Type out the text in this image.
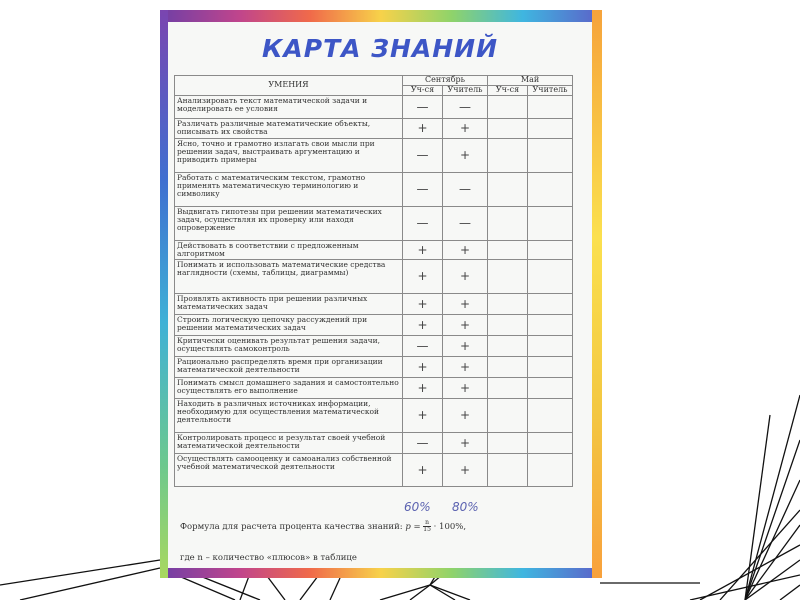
КАРТА ЗНАНИЙ
УМЕНИЯ	Сентябрь		Май	
	Уч-ся	Учитель	Уч-ся	Учитель
Анализировать текст математической задачи и моделировать ее условия	—	—		
Различать различные математические объекты, описывать их свойства	+	+		
Ясно, точно и грамотно излагать свои мысли при решении задач, выстраивать аргументацию и приводить примеры	—	+		
Работать с математическим текстом, грамотно применять математическую терминологию и символику	—	—		
Выдвигать гипотезы при решении математических задач, осуществляя их проверку или находя опровержение	—	—		
Действовать в соответствии с предложенным алгоритмом	+	+		
Понимать и использовать математические средства наглядности (схемы, таблицы, диаграммы)	+	+		
Проявлять активность при решении различных математических задач	+	+		
Строить логическую цепочку рассуждений при решении математических задач	+	+		
Критически оценивать результат решения задачи, осуществлять самоконтроль	—	+		
Рационально распределять время при организации математической деятельности	+	+		
Понимать смысл домашнего задания и самостоятельно осуществлять его выполнение	+	+		
Находить в различных источниках информации, необходимую для осуществления математической деятельности	+	+		
Контролировать процесс и результат своей учебной математической деятельности	—	+		
Осуществлять самооценку и самоанализ собственной учебной математической деятельности	+	+		
60% 80%
Формула для расчета процента качества знаний: $p = \frac{n}{15} \cdot 100\%$,
где n – количество «плюсов» в таблице
